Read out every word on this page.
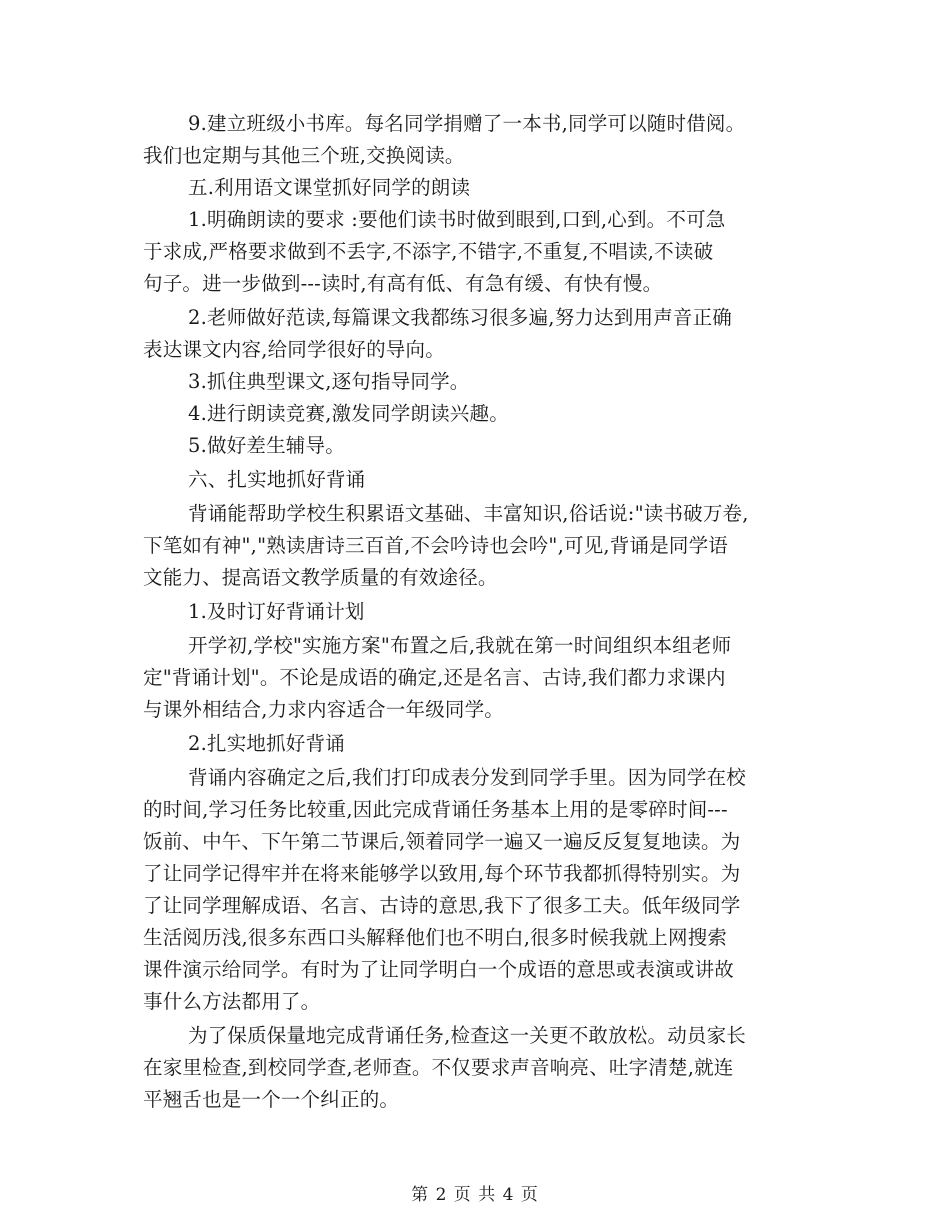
9.建立班级小书库。每名同学捐赠了一本书,同学可以随时借阅。
我们也定期与其他三个班,交换阅读。
五.利用语文课堂抓好同学的朗读
1.明确朗读的要求 :要他们读书时做到眼到,口到,心到。不可急
于求成,严格要求做到不丢字,不添字,不错字,不重复,不唱读,不读破
句子。进一步做到---读时,有高有低、有急有缓、有快有慢。
2.老师做好范读,每篇课文我都练习很多遍,努力达到用声音正确
表达课文内容,给同学很好的导向。
3.抓住典型课文,逐句指导同学。
4.进行朗读竞赛,激发同学朗读兴趣。
5.做好差生辅导。
六、扎实地抓好背诵
背诵能帮助学校生积累语文基础、丰富知识,俗话说:"读书破万卷,
下笔如有神","熟读唐诗三百首,不会吟诗也会吟",可见,背诵是同学语
文能力、提高语文教学质量的有效途径。
1.及时订好背诵计划
开学初,学校"实施方案"布置之后,我就在第一时间组织本组老师
定"背诵计划"。不论是成语的确定,还是名言、古诗,我们都力求课内
与课外相结合,力求内容适合一年级同学。
2.扎实地抓好背诵
背诵内容确定之后,我们打印成表分发到同学手里。因为同学在校
的时间,学习任务比较重,因此完成背诵任务基本上用的是零碎时间---
饭前、中午、下午第二节课后,领着同学一遍又一遍反反复复地读。为
了让同学记得牢并在将来能够学以致用,每个环节我都抓得特别实。为
了让同学理解成语、名言、古诗的意思,我下了很多工夫。低年级同学
生活阅历浅,很多东西口头解释他们也不明白,很多时候我就上网搜索
课件演示给同学。有时为了让同学明白一个成语的意思或表演或讲故
事什么方法都用了。
为了保质保量地完成背诵任务,检查这一关更不敢放松。动员家长
在家里检查,到校同学查,老师查。不仅要求声音响亮、吐字清楚,就连
平翘舌也是一个一个纠正的。
第 2 页 共 4 页
